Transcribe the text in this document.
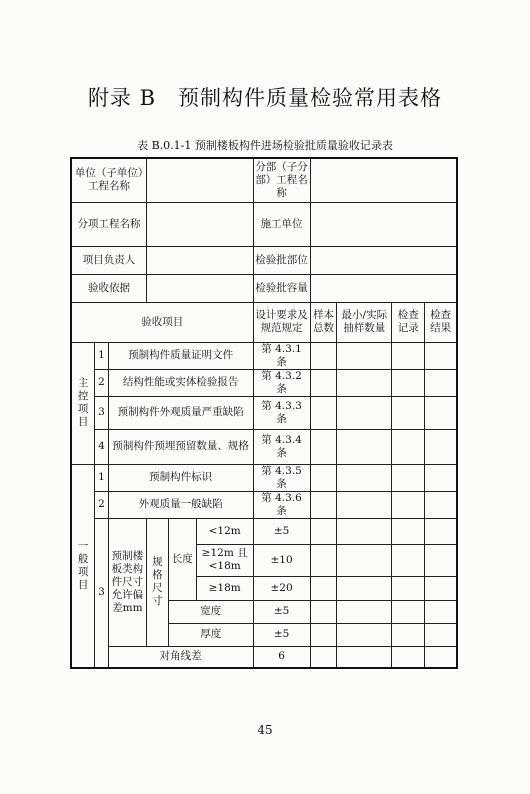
附录 B　预制构件质量检验常用表格

表 B.0.1-1 预制楼板构件进场检验批质量验收记录表

单位（子单位）工程名称						分部（子分部）工程名称				
分项工程名称						施工单位				
项目负责人						检验批部位				
验收依据						检验批容量				
验收项目						设计要求及规范规定	样本总数	最小/实际抽样数量	检查记录	检查结果
主控项目	1	预制构件质量证明文件				第 4.3.1 条				
	2	结构性能或实体检验报告				第 4.3.2 条				
	3	预制构件外观质量严重缺陷				第 4.3.3 条				
	4	预制构件预埋预留数量、规格				第 4.3.4 条				
一般项目	1	预制构件标识				第 4.3.5 条				
	2	外观质量一般缺陷				第 4.3.6 条				
	3	预制楼板类构件尺寸允许偏差mm	规格尺寸	长度	<12m	±5				
					≥12m 且<18m	±10				
					≥18m	±20				
				宽度		±5				
				厚度		±5				
		对角线差				6				
45
